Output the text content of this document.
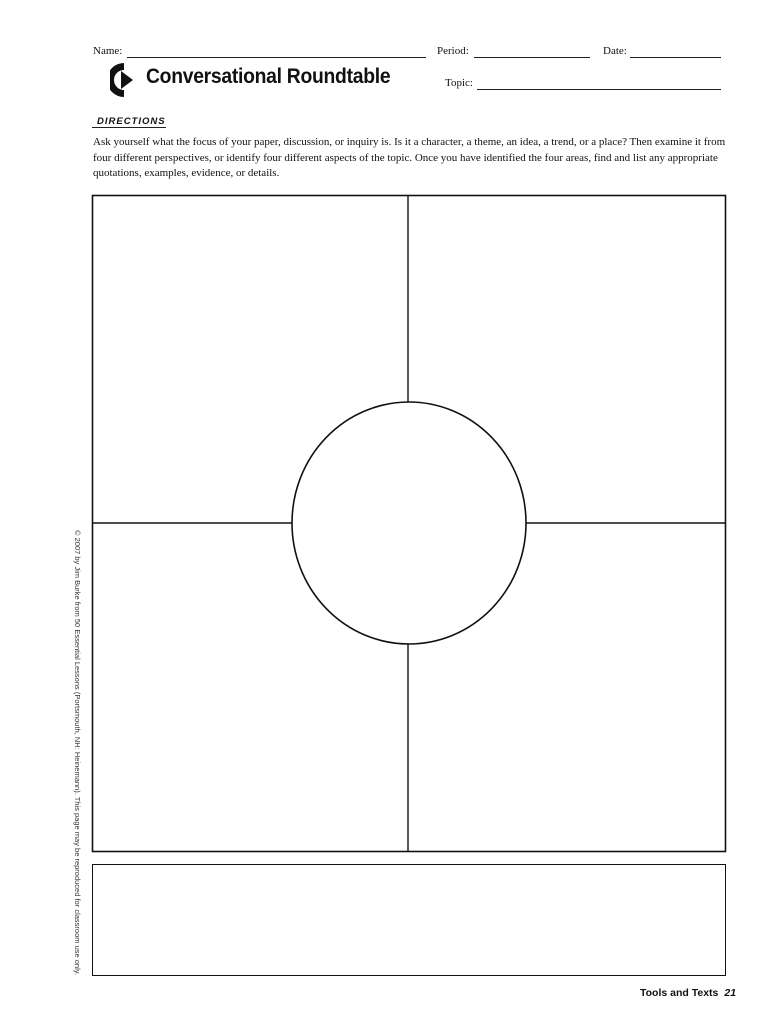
Name:	Period:	Date:
Conversational Roundtable	Topic:
DIRECTIONS
Ask yourself what the focus of your paper, discussion, or inquiry is. Is it a character, a theme, an idea, a trend, or a place? Then examine it from four different perspectives, or identify four different aspects of the topic. Once you have identified the four areas, find and list any appropriate quotations, examples, evidence, or details.
© 2007 by Jim Burke from 50 Essential Lessons (Portsmouth, NH: Heinemann). This page may be reproduced for classroom use only.
Tools and Texts 21
